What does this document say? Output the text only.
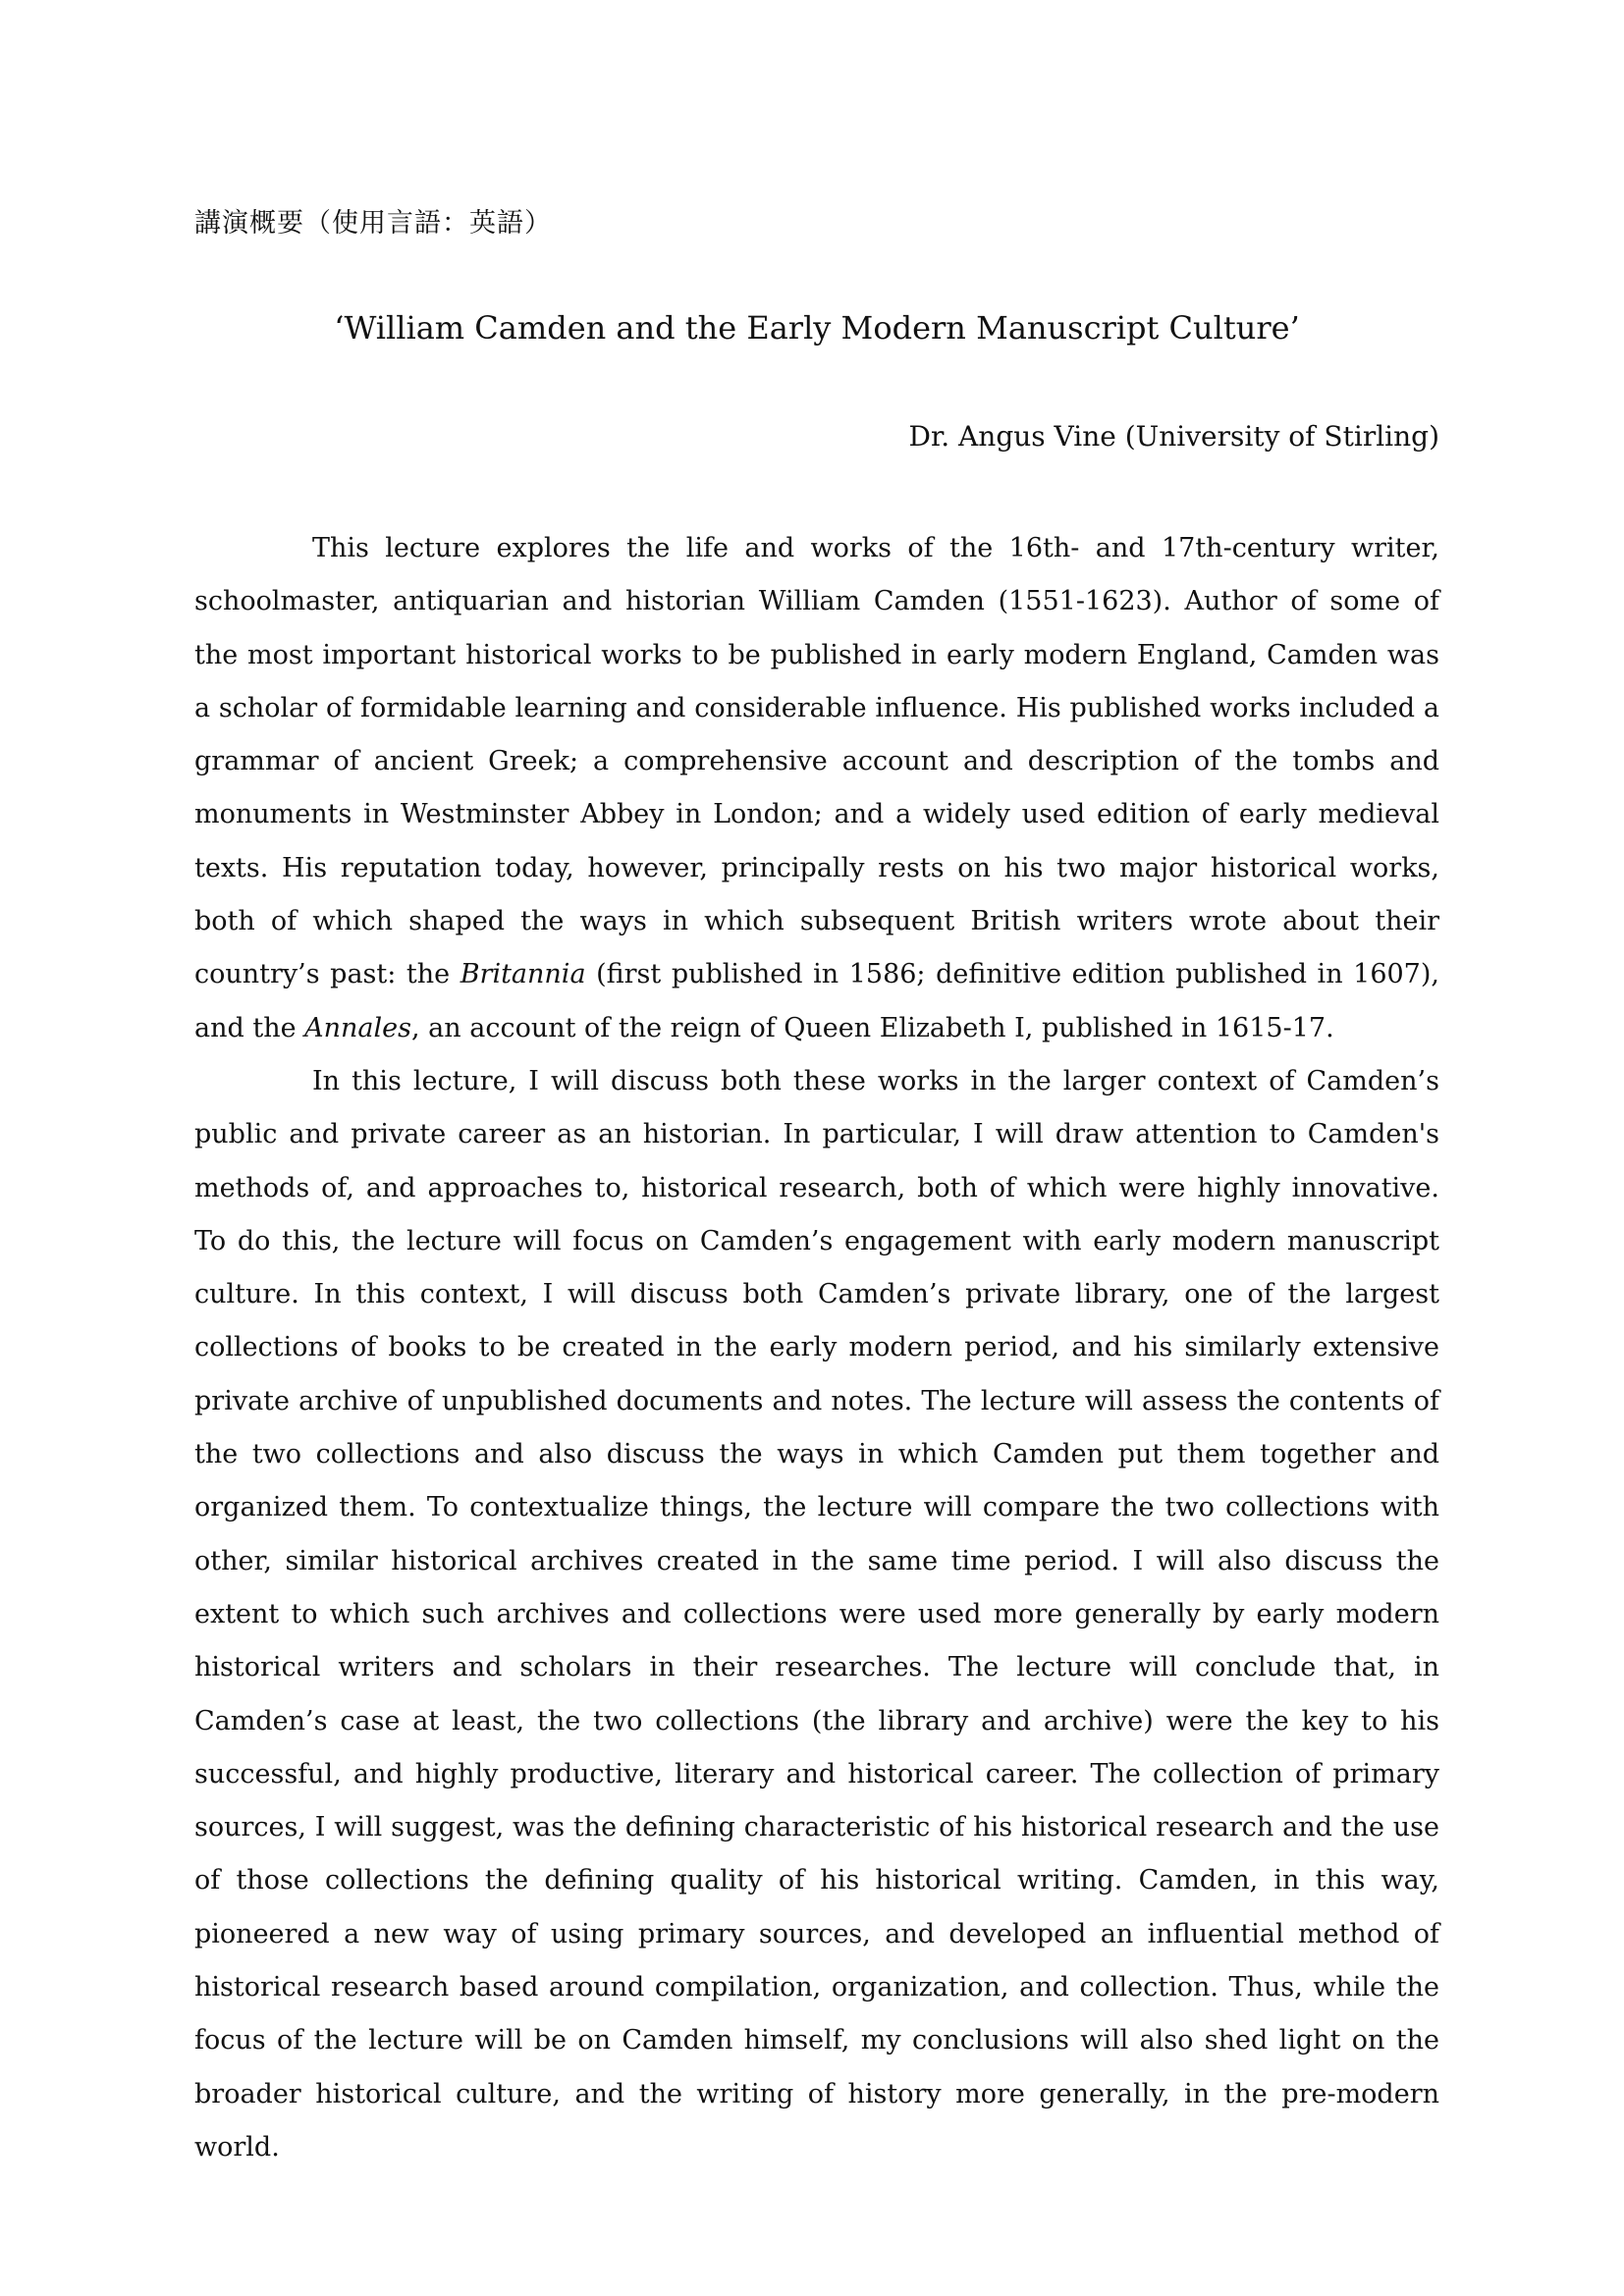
講演概要（使用言語：英語）
‘William Camden and the Early Modern Manuscript Culture’
Dr. Angus Vine (University of Stirling)

This lecture explores the life and works of the 16th- and 17th-century writer, schoolmaster, antiquarian and historian William Camden (1551-1623). Author of some of the most important historical works to be published in early modern England, Camden was a scholar of formidable learning and considerable influence. His published works included a grammar of ancient Greek; a comprehensive account and description of the tombs and monuments in Westminster Abbey in London; and a widely used edition of early medieval texts. His reputation today, however, principally rests on his two major historical works, both of which shaped the ways in which subsequent British writers wrote about their country’s past: the Britannia (first published in 1586; definitive edition published in 1607), and the Annales, an account of the reign of Queen Elizabeth I, published in 1615-17.

In this lecture, I will discuss both these works in the larger context of Camden’s public and private career as an historian. In particular, I will draw attention to Camden's methods of, and approaches to, historical research, both of which were highly innovative. To do this, the lecture will focus on Camden’s engagement with early modern manuscript culture. In this context, I will discuss both Camden’s private library, one of the largest collections of books to be created in the early modern period, and his similarly extensive private archive of unpublished documents and notes. The lecture will assess the contents of the two collections and also discuss the ways in which Camden put them together and organized them. To contextualize things, the lecture will compare the two collections with other, similar historical archives created in the same time period. I will also discuss the extent to which such archives and collections were used more generally by early modern historical writers and scholars in their researches. The lecture will conclude that, in Camden’s case at least, the two collections (the library and archive) were the key to his successful, and highly productive, literary and historical career. The collection of primary sources, I will suggest, was the defining characteristic of his historical research and the use of those collections the defining quality of his historical writing. Camden, in this way, pioneered a new way of using primary sources, and developed an influential method of historical research based around compilation, organization, and collection. Thus, while the focus of the lecture will be on Camden himself, my conclusions will also shed light on the broader historical culture, and the writing of history more generally, in the pre-modern world.
